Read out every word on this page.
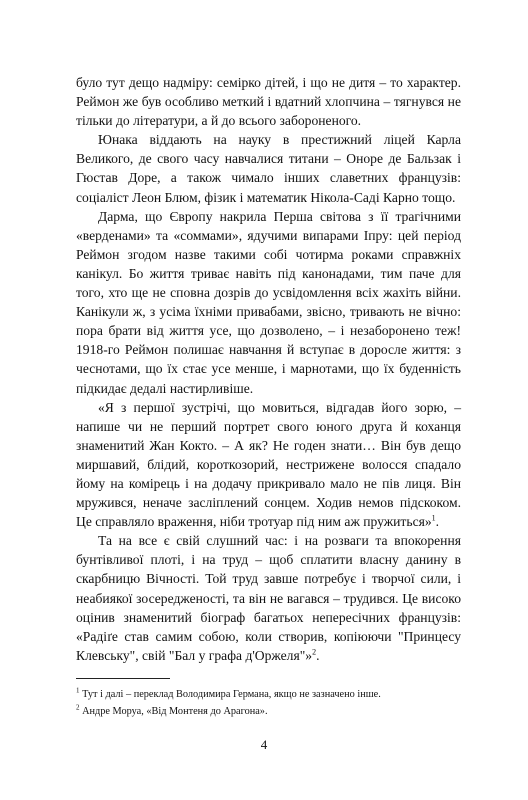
було тут дещо надміру: семірко дітей, і що не дитя – то характер. Реймон же був особливо меткий і вдатний хлопчина – тягнувся не тільки до літератури, а й до всього забороненого.

Юнака віддають на науку в престижний ліцей Карла Великого, де свого часу навчалися титани – Оноре де Бальзак і Гюстав Доре, а також чимало інших славетних французів: соціаліст Леон Блюм, фізик і математик Нікола-Саді Карно тощо.

Дарма, що Європу накрила Перша світова з її трагічними «верденами» та «соммами», ядучими випарами Іпру: цей період Реймон згодом назве такими собі чотирма роками справжніх канікул. Бо життя триває навіть під канонадами, тим паче для того, хто ще не сповна дозрів до усвідомлення всіх жахіть війни. Канікули ж, з усіма їхніми привабами, звісно, тривають не вічно: пора брати від життя усе, що дозволено, – і незаборонено теж! 1918-го Реймон полишає навчання й вступає в доросле життя: з чеснотами, що їх стає усе менше, і марнотами, що їх буденність підкидає дедалі настирливіше.

«Я з першої зустрічі, що мовиться, відгадав його зорю, – напише чи не перший портрет свого юного друга й коханця знаменитий Жан Кокто. – А як? Не годен знати… Він був дещо миршавий, блідий, короткозорий, нестриженe волосся спадало йому на комірець і на додачу прикривало мало не пів лиця. Він мружився, неначе засліплений сонцем. Ходив немов підскоком. Це справляло враження, ніби тротуар під ним аж пружиться»$^1$.

Та на все є свій слушний час: і на розваги та впокорення бунтівливої плоті, і на труд – щоб сплатити власну данину в скарбницю Вічності. Той труд завше потребує і творчої сили, і неабиякої зосередженості, та він не вагався – трудився. Це високо оцінив знаменитий біограф багатьох непересічних французів: «Радіґе став самим собою, коли створив, копіюючи "Принцесу Клевську", свій "Бал у графа д'Оржеля"»$^2$.

$^1$ Тут і далі – переклад Володимира Германа, якщо не зазначено інше.

$^2$ Андре Моруа, «Від Монтеня до Арагона».

4
